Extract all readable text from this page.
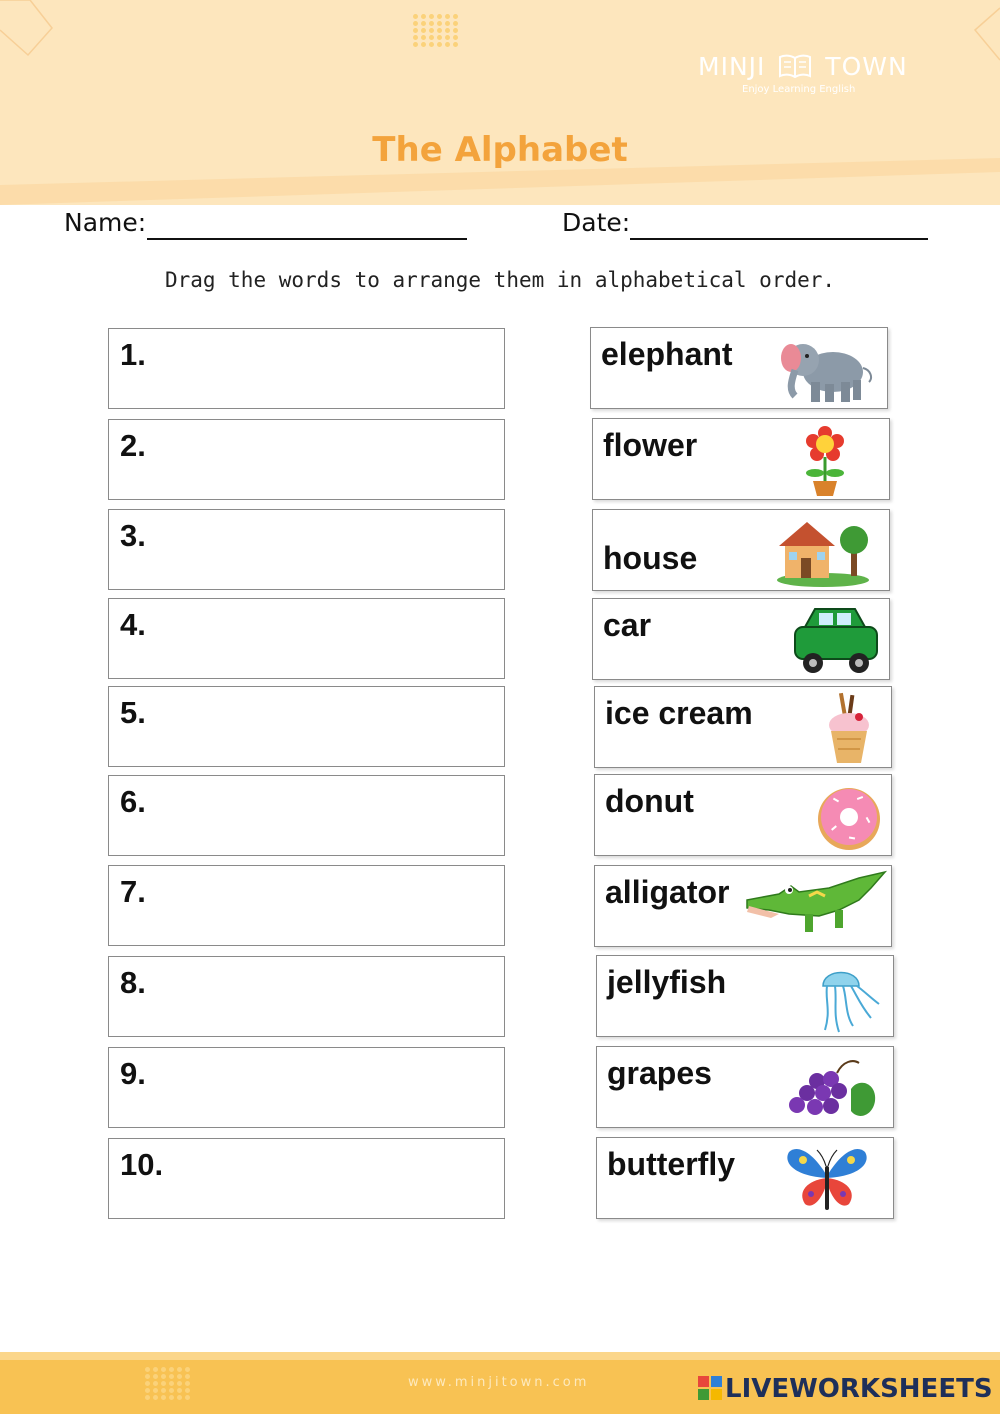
MINJI TOWN
Enjoy Learning English
The Alphabet
Name:	Date:
Drag the words to arrange them in alphabetical order.
1.
2.
3.
4.
5.
6.
7.
8.
9.
10.
elephant
flower
house
car
ice cream
donut
alligator
jellyfish
grapes
butterfly
www.minjitown.com	LIVEWORKSHEETS
